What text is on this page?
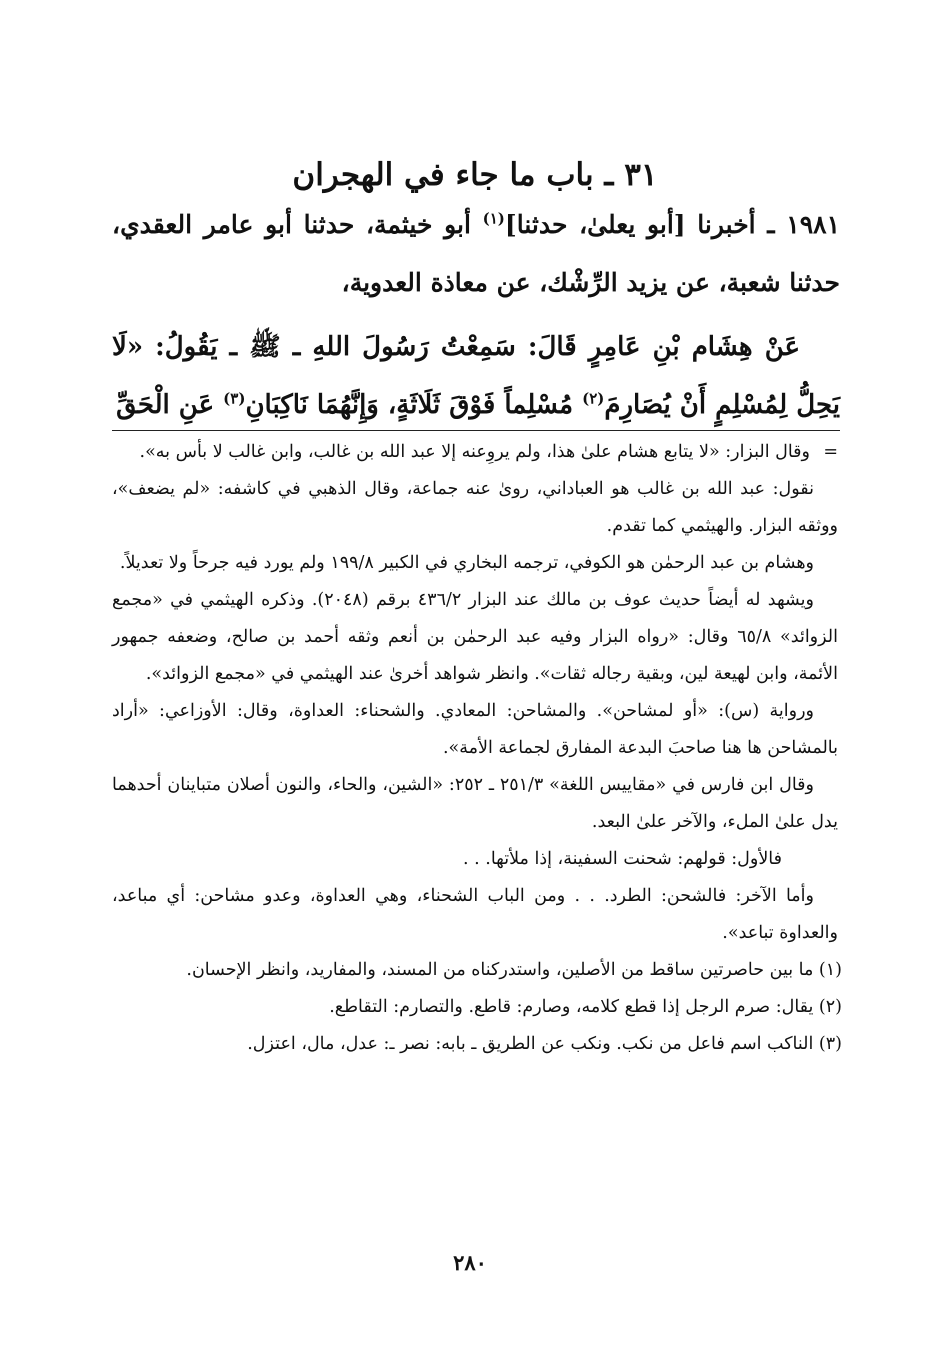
٣١ ـ باب ما جاء في الهجران

١٩٨١ ـ أخبرنا [أبو يعلىٰ، حدثنا]$^{(١)}$ أبو خيثمة، حدثنا أبو عامر العقدي، حدثنا شعبة، عن يزيد الرِّشْك، عن معاذة العدوية،

عَنْ هِشَام بْنِ عَامِرٍ قَالَ: سَمِعْتُ رَسُولَ اللهِ ـ ﷺ ـ يَقُولُ: «لَا يَحِلُّ لِمُسْلِمٍ أَنْ يُصَارِمَ$^{(٢)}$ مُسْلِماً فَوْقَ ثَلَاثَةٍ، وَإِنَّهُمَا نَاكِبَانِ$^{(٣)}$ عَنِ الْحَقِّ

=
وقال البزار: «لا يتابع هشام علىٰ هذا، ولم يروِعنه إلا عبد الله بن غالب، وابن غالب لا بأس به».

نقول: عبد الله بن غالب هو العباداني، روىٰ عنه جماعة، وقال الذهبي في كاشفه: «لم يضعف»، ووثقه البزار. والهيثمي كما تقدم.

وهشام بن عبد الرحمٰن هو الكوفي، ترجمه البخاري في الكبير ١٩٩/٨ ولم يورد فيه جرحاً ولا تعديلاً.

ويشهد له أيضاً حديث عوف بن مالك عند البزار ٤٣٦/٢ برقم (٢٠٤٨). وذكره الهيثمي في «مجمع الزوائد» ٦٥/٨ وقال: «رواه البزار وفيه عبد الرحمٰن بن أنعم وثقه أحمد بن صالح، وضعفه جمهور الأئمة، وابن لهيعة لين، وبقية رجاله ثقات». وانظر شواهد أخرىٰ عند الهيثمي في «مجمع الزوائد».

ورواية (س): «أو لمشاحن». والمشاحن: المعادي. والشحناء: العداوة، وقال: الأوزاعي: «أراد بالمشاحن ها هنا صاحبَ البدعة المفارق لجماعة الأمة».

وقال ابن فارس في «مقاييس اللغة» ٢٥١/٣ ـ ٢٥٢: «الشين، والحاء، والنون أصلان متباينان أحدهما يدل علىٰ الملء، والآخر علىٰ البعد.

فالأول: قولهم: شحنت السفينة، إذا ملأتها. . .

وأما الآخر: فالشحن: الطرد. . . ومن الباب الشحناء، وهي العداوة، وعدو مشاحن: أي مباعد، والعداوة تباعد».

(١) ما بين حاصرتين ساقط من الأصلين، واستدركناه من المسند، والمفاريد، وانظر الإحسان.

(٢) يقال: صرم الرجل إذا قطع كلامه، وصارم: قاطع. والتصارم: التقاطع.

(٣) الناكب اسم فاعل من نكب. ونكب عن الطريق ـ بابه: نصر ـ: عدل، مال، اعتزل.

٢٨٠
